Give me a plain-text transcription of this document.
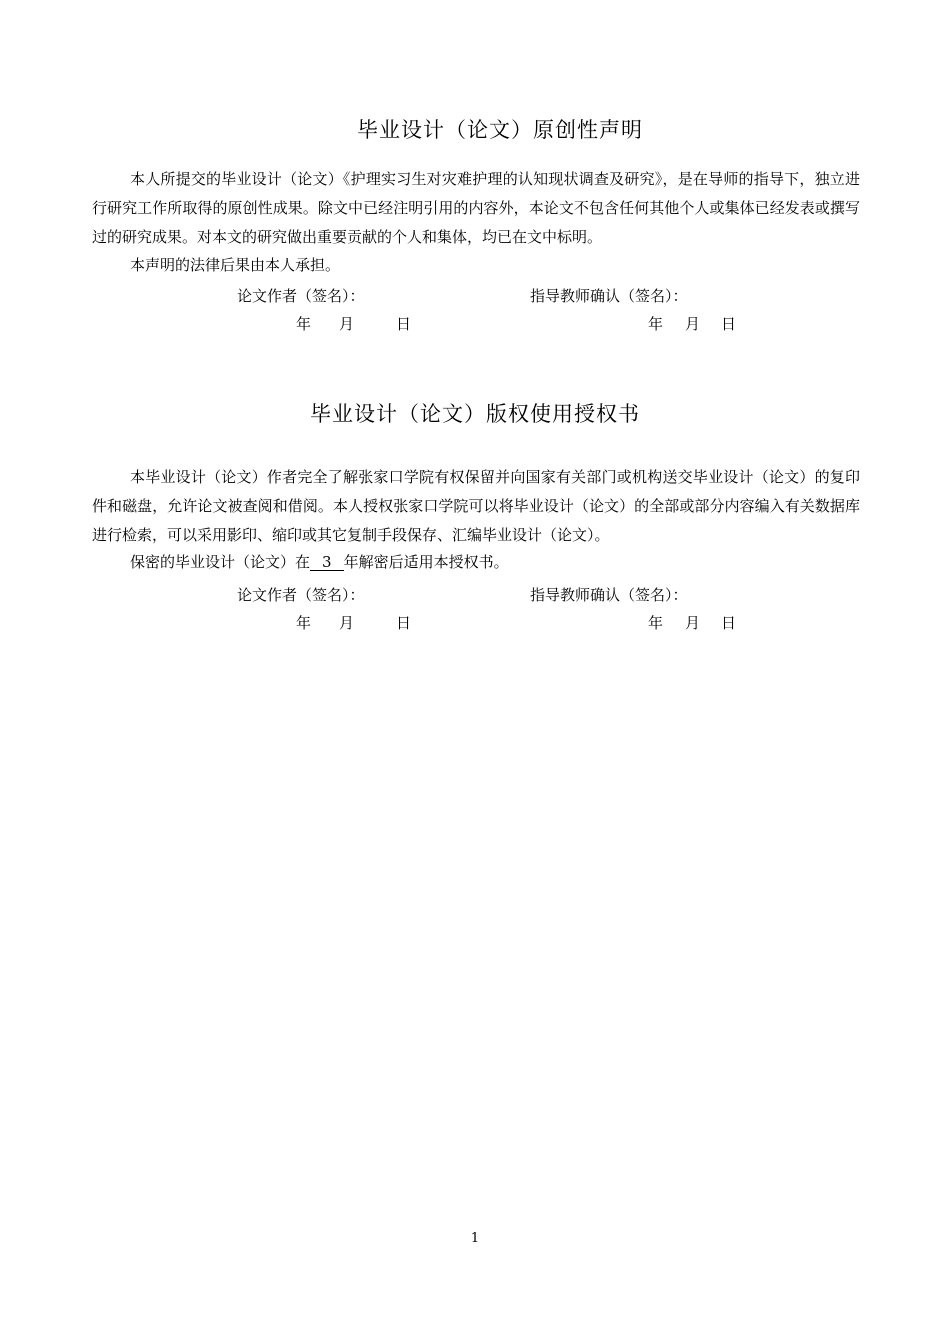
毕业设计（论文）原创性声明

本人所提交的毕业设计（论文）《护理实习生对灾难护理的认知现状调查及研究》，是在导师的指导下，独立进行研究工作所取得的原创性成果。除文中已经注明引用的内容外，本论文不包含任何其他个人或集体已经发表或撰写过的研究成果。对本文的研究做出重要贡献的个人和集体，均已在文中标明。

本声明的法律后果由本人承担。

论文作者（签名）：	指导教师确认（签名）：
年 月	日	年 月 日
毕业设计（论文）版权使用授权书

本毕业设计（论文）作者完全了解张家口学院有权保留并向国家有关部门或机构送交毕业设计（论文）的复印件和磁盘，允许论文被查阅和借阅。本人授权张家口学院可以将毕业设计（论文）的全部或部分内容编入有关数据库进行检索，可以采用影印、缩印或其它复制手段保存、汇编毕业设计（论文）。

保密的毕业设计（论文）在 3 年解密后适用本授权书。

论文作者（签名）：	指导教师确认（签名）：
年 月	日	年 月 日
1
